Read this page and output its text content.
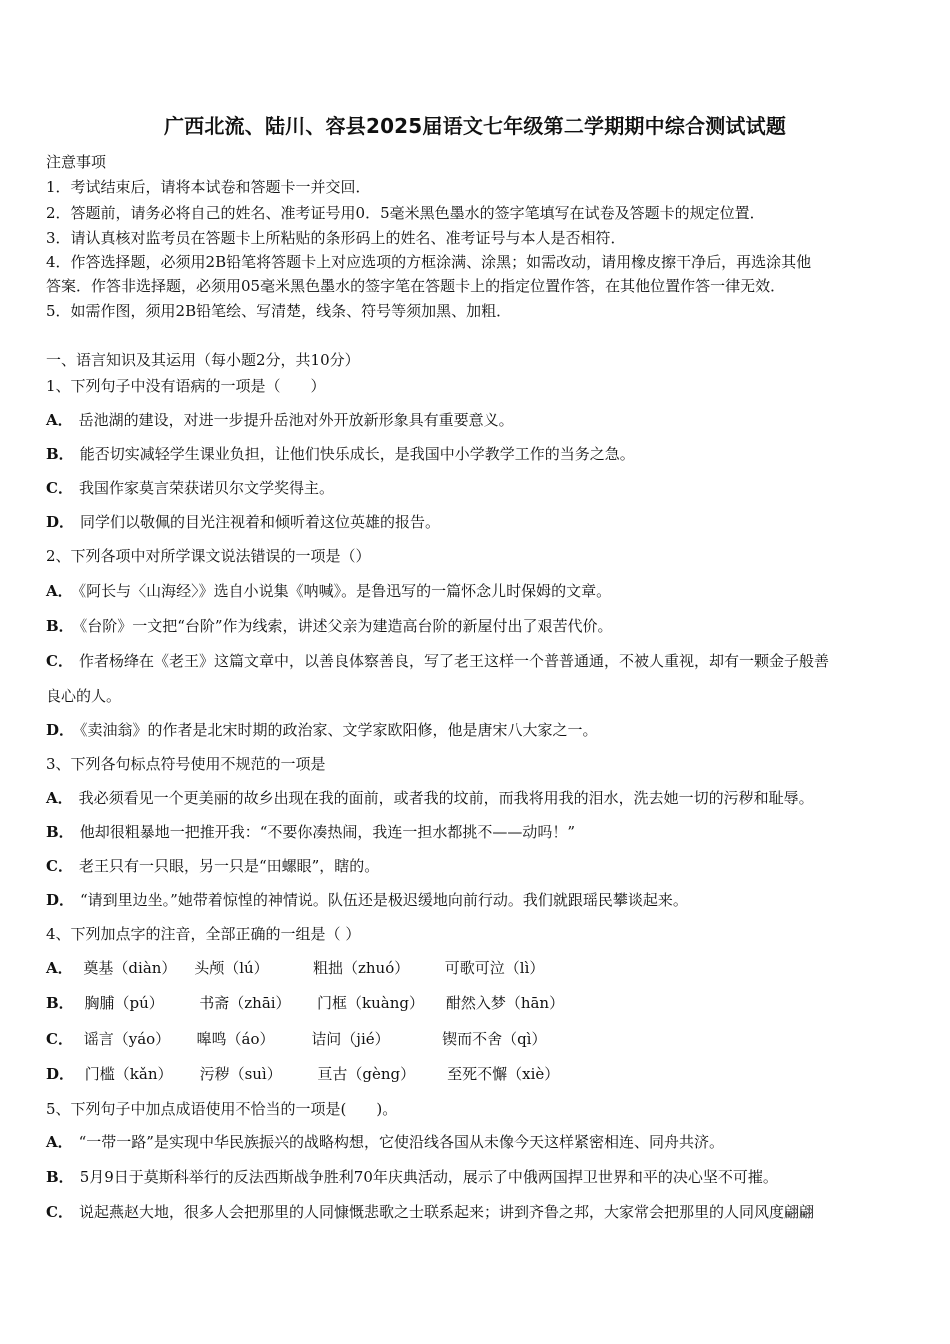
广西北流、陆川、容县2025届语文七年级第二学期期中综合测试试题
注意事项
1．考试结束后，请将本试卷和答题卡一并交回．
2．答题前，请务必将自己的姓名、准考证号用0．5毫米黑色墨水的签字笔填写在试卷及答题卡的规定位置．
3．请认真核对监考员在答题卡上所粘贴的条形码上的姓名、准考证号与本人是否相符．
4．作答选择题，必须用2B铅笔将答题卡上对应选项的方框涂满、涂黑；如需改动，请用橡皮擦干净后，再选涂其他
答案．作答非选择题，必须用05毫米黑色墨水的签字笔在答题卡上的指定位置作答，在其他位置作答一律无效．
5．如需作图，须用2B铅笔绘、写清楚，线条、符号等须加黑、加粗．
一、语言知识及其运用（每小题2分，共10分）
1、下列句子中没有语病的一项是（　　）
A． 岳池湖的建设，对进一步提升岳池对外开放新形象具有重要意义。
B． 能否切实减轻学生课业负担，让他们快乐成长，是我国中小学教学工作的当务之急。
C． 我国作家莫言荣获诺贝尔文学奖得主。
D． 同学们以敬佩的目光注视着和倾听着这位英雄的报告。
2、下列各项中对所学课文说法错误的一项是（）
A． 《阿长与〈山海经〉》选自小说集《呐喊》。是鲁迅写的一篇怀念儿时保姆的文章。
B． 《台阶》一文把“台阶”作为线索，讲述父亲为建造高台阶的新屋付出了艰苦代价。
C． 作者杨绛在《老王》这篇文章中，以善良体察善良，写了老王这样一个普普通通，不被人重视，却有一颗金子般善
良心的人。
D． 《卖油翁》的作者是北宋时期的政治家、文学家欧阳修，他是唐宋八大家之一。
3、下列各句标点符号使用不规范的一项是
A． 我必须看见一个更美丽的故乡出现在我的面前，或者我的坟前，而我将用我的泪水，洗去她一切的污秽和耻辱。
B． 他却很粗暴地一把推开我：“不要你凑热闹，我连一担水都挑不——动吗！”
C． 老王只有一只眼，另一只是“田螺眼”，瞎的。
D． “请到里边坐。”她带着惊惶的神情说。队伍还是极迟缓地向前行动。我们就跟瑶民攀谈起来。
4、下列加点字的注音，全部正确的一组是（ ）
A． 奠基（diàn） 头颅（lú）	粗拙（zhuó） 可歌可泣（lì）
B． 胸脯（pú） 书斋（zhāi） 门框（kuàng） 酣然入梦（hān）
C． 谣言（yáo） 嗥鸣（áo） 诘问（jié）	锲而不舍（qì）
D． 门槛（kǎn） 污秽（suì） 亘古（gèng） 至死不懈（xiè）
5、下列句子中加点成语使用不恰当的一项是(　　)。
A． “一带一路”是实现中华民族振兴的战略构想，它使沿线各国从未像今天这样紧密相连、同舟共济。
B． 5月9日于莫斯科举行的反法西斯战争胜利70年庆典活动，展示了中俄两国捍卫世界和平的决心坚不可摧。
C． 说起燕赵大地，很多人会把那里的人同慷慨悲歌之士联系起来；讲到齐鲁之邦，大家常会把那里的人同风度翩翩
